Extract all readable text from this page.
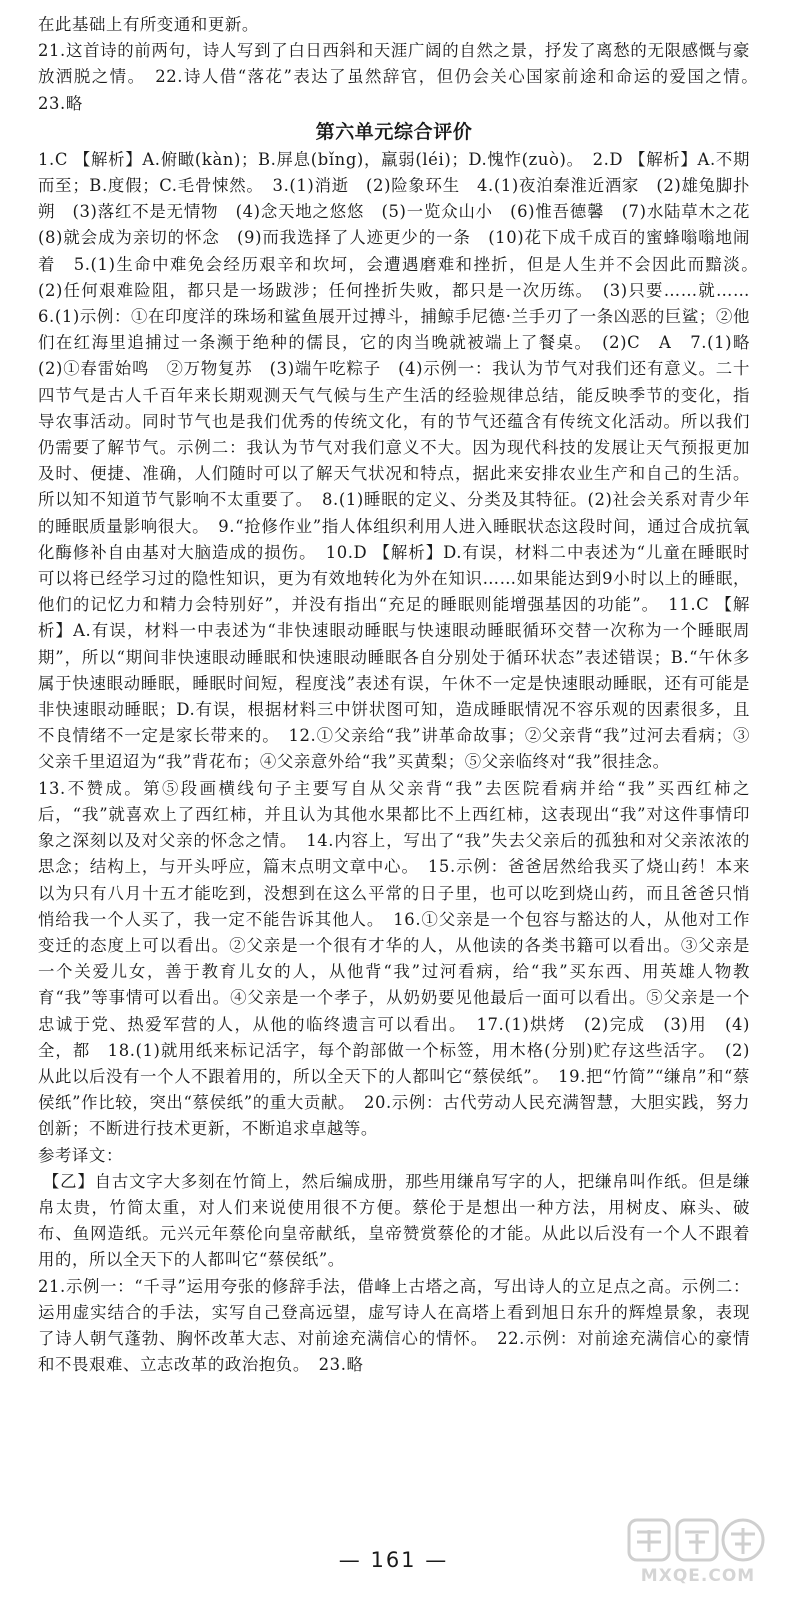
在此基础上有所变通和更新。

21.这首诗的前两句，诗人写到了白日西斜和天涯广阔的自然之景，抒发了离愁的无限感慨与豪放洒脱之情。　22.诗人借“落花”表达了虽然辞官，但仍会关心国家前途和命运的爱国之情。　23.略

第六单元综合评价

1.C 【解析】A.俯瞰(kàn)；B.屏息(bǐng)，羸弱(léi)；D.愧怍(zuò)。　2.D 【解析】A.不期而至；B.度假；C.毛骨悚然。　3.(1)消逝　(2)险象环生　4.(1)夜泊秦淮近酒家　(2)雄兔脚扑朔　(3)落红不是无情物　(4)念天地之悠悠　(5)一览众山小　(6)惟吾德馨　(7)水陆草木之花　(8)就会成为亲切的怀念　(9)而我选择了人迹更少的一条　(10)花下成千成百的蜜蜂嗡嗡地闹着　5.(1)生命中难免会经历艰辛和坎坷，会遭遇磨难和挫折，但是人生并不会因此而黯淡。　(2)任何艰难险阻，都只是一场跋涉；任何挫折失败，都只是一次历练。　(3)只要……就……　6.(1)示例：①在印度洋的珠场和鲨鱼展开过搏斗，捕鲸手尼德·兰手刃了一条凶恶的巨鲨；②他们在红海里追捕过一条濒于绝种的儒艮，它的肉当晚就被端上了餐桌。　(2)C　A　7.(1)略　(2)①春雷始鸣　②万物复苏　(3)端午吃粽子　(4)示例一：我认为节气对我们还有意义。二十四节气是古人千百年来长期观测天气气候与生产生活的经验规律总结，能反映季节的变化，指导农事活动。同时节气也是我们优秀的传统文化，有的节气还蕴含有传统文化活动。所以我们仍需要了解节气。示例二：我认为节气对我们意义不大。因为现代科技的发展让天气预报更加及时、便捷、准确，人们随时可以了解天气状况和特点，据此来安排农业生产和自己的生活。所以知不知道节气影响不太重要了。　8.(1)睡眠的定义、分类及其特征。(2)社会关系对青少年的睡眠质量影响很大。　9.“抢修作业”指人体组织利用人进入睡眠状态这段时间，通过合成抗氧化酶修补自由基对大脑造成的损伤。　10.D 【解析】D.有误，材料二中表述为“儿童在睡眠时可以将已经学习过的隐性知识，更为有效地转化为外在知识……如果能达到9小时以上的睡眠，他们的记忆力和精力会特别好”，并没有指出“充足的睡眠则能增强基因的功能”。　11.C 【解析】A.有误，材料一中表述为“非快速眼动睡眠与快速眼动睡眠循环交替一次称为一个睡眠周期”，所以“期间非快速眼动睡眠和快速眼动睡眠各自分别处于循环状态”表述错误；B.“午休多属于快速眼动睡眠，睡眠时间短，程度浅”表述有误，午休不一定是快速眼动睡眠，还有可能是非快速眼动睡眠；D.有误，根据材料三中饼状图可知，造成睡眠情况不容乐观的因素很多，且不良情绪不一定是家长带来的。　12.①父亲给“我”讲革命故事；②父亲背“我”过河去看病；③父亲千里迢迢为“我”背花布；④父亲意外给“我”买黄梨；⑤父亲临终对“我”很挂念。

13.不赞成。第⑤段画横线句子主要写自从父亲背“我”去医院看病并给“我”买西红柿之后，“我”就喜欢上了西红柿，并且认为其他水果都比不上西红柿，这表现出“我”对这件事情印象之深刻以及对父亲的怀念之情。　14.内容上，写出了“我”失去父亲后的孤独和对父亲浓浓的思念；结构上，与开头呼应，篇末点明文章中心。　15.示例：爸爸居然给我买了烧山药！本来以为只有八月十五才能吃到，没想到在这么平常的日子里，也可以吃到烧山药，而且爸爸只悄悄给我一个人买了，我一定不能告诉其他人。　16.①父亲是一个包容与豁达的人，从他对工作变迁的态度上可以看出。②父亲是一个很有才华的人，从他读的各类书籍可以看出。③父亲是一个关爱儿女，善于教育儿女的人，从他背“我”过河看病，给“我”买东西、用英雄人物教育“我”等事情可以看出。④父亲是一个孝子，从奶奶要见他最后一面可以看出。⑤父亲是一个忠诚于党、热爱军营的人，从他的临终遗言可以看出。　17.(1)烘烤　(2)完成　(3)用　(4)全，都　18.(1)就用纸来标记活字，每个韵部做一个标签，用木格(分别)贮存这些活字。　(2)从此以后没有一个人不跟着用的，所以全天下的人都叫它“蔡侯纸”。　19.把“竹简”“缣帛”和“蔡侯纸”作比较，突出“蔡侯纸”的重大贡献。　20.示例：古代劳动人民充满智慧，大胆实践，努力创新；不断进行技术更新，不断追求卓越等。

参考译文：

【乙】自古文字大多刻在竹简上，然后编成册，那些用缣帛写字的人，把缣帛叫作纸。但是缣帛太贵，竹简太重，对人们来说使用很不方便。蔡伦于是想出一种方法，用树皮、麻头、破布、鱼网造纸。元兴元年蔡伦向皇帝献纸，皇帝赞赏蔡伦的才能。从此以后没有一个人不跟着用的，所以全天下的人都叫它“蔡侯纸”。

21.示例一：“千寻”运用夸张的修辞手法，借峰上古塔之高，写出诗人的立足点之高。示例二：运用虚实结合的手法，实写自己登高远望，虚写诗人在高塔上看到旭日东升的辉煌景象，表现了诗人朝气蓬勃、胸怀改革大志、对前途充满信心的情怀。　22.示例：对前途充满信心的豪情和不畏艰难、立志改革的政治抱负。　23.略

— 161 —
MXQE.COM
